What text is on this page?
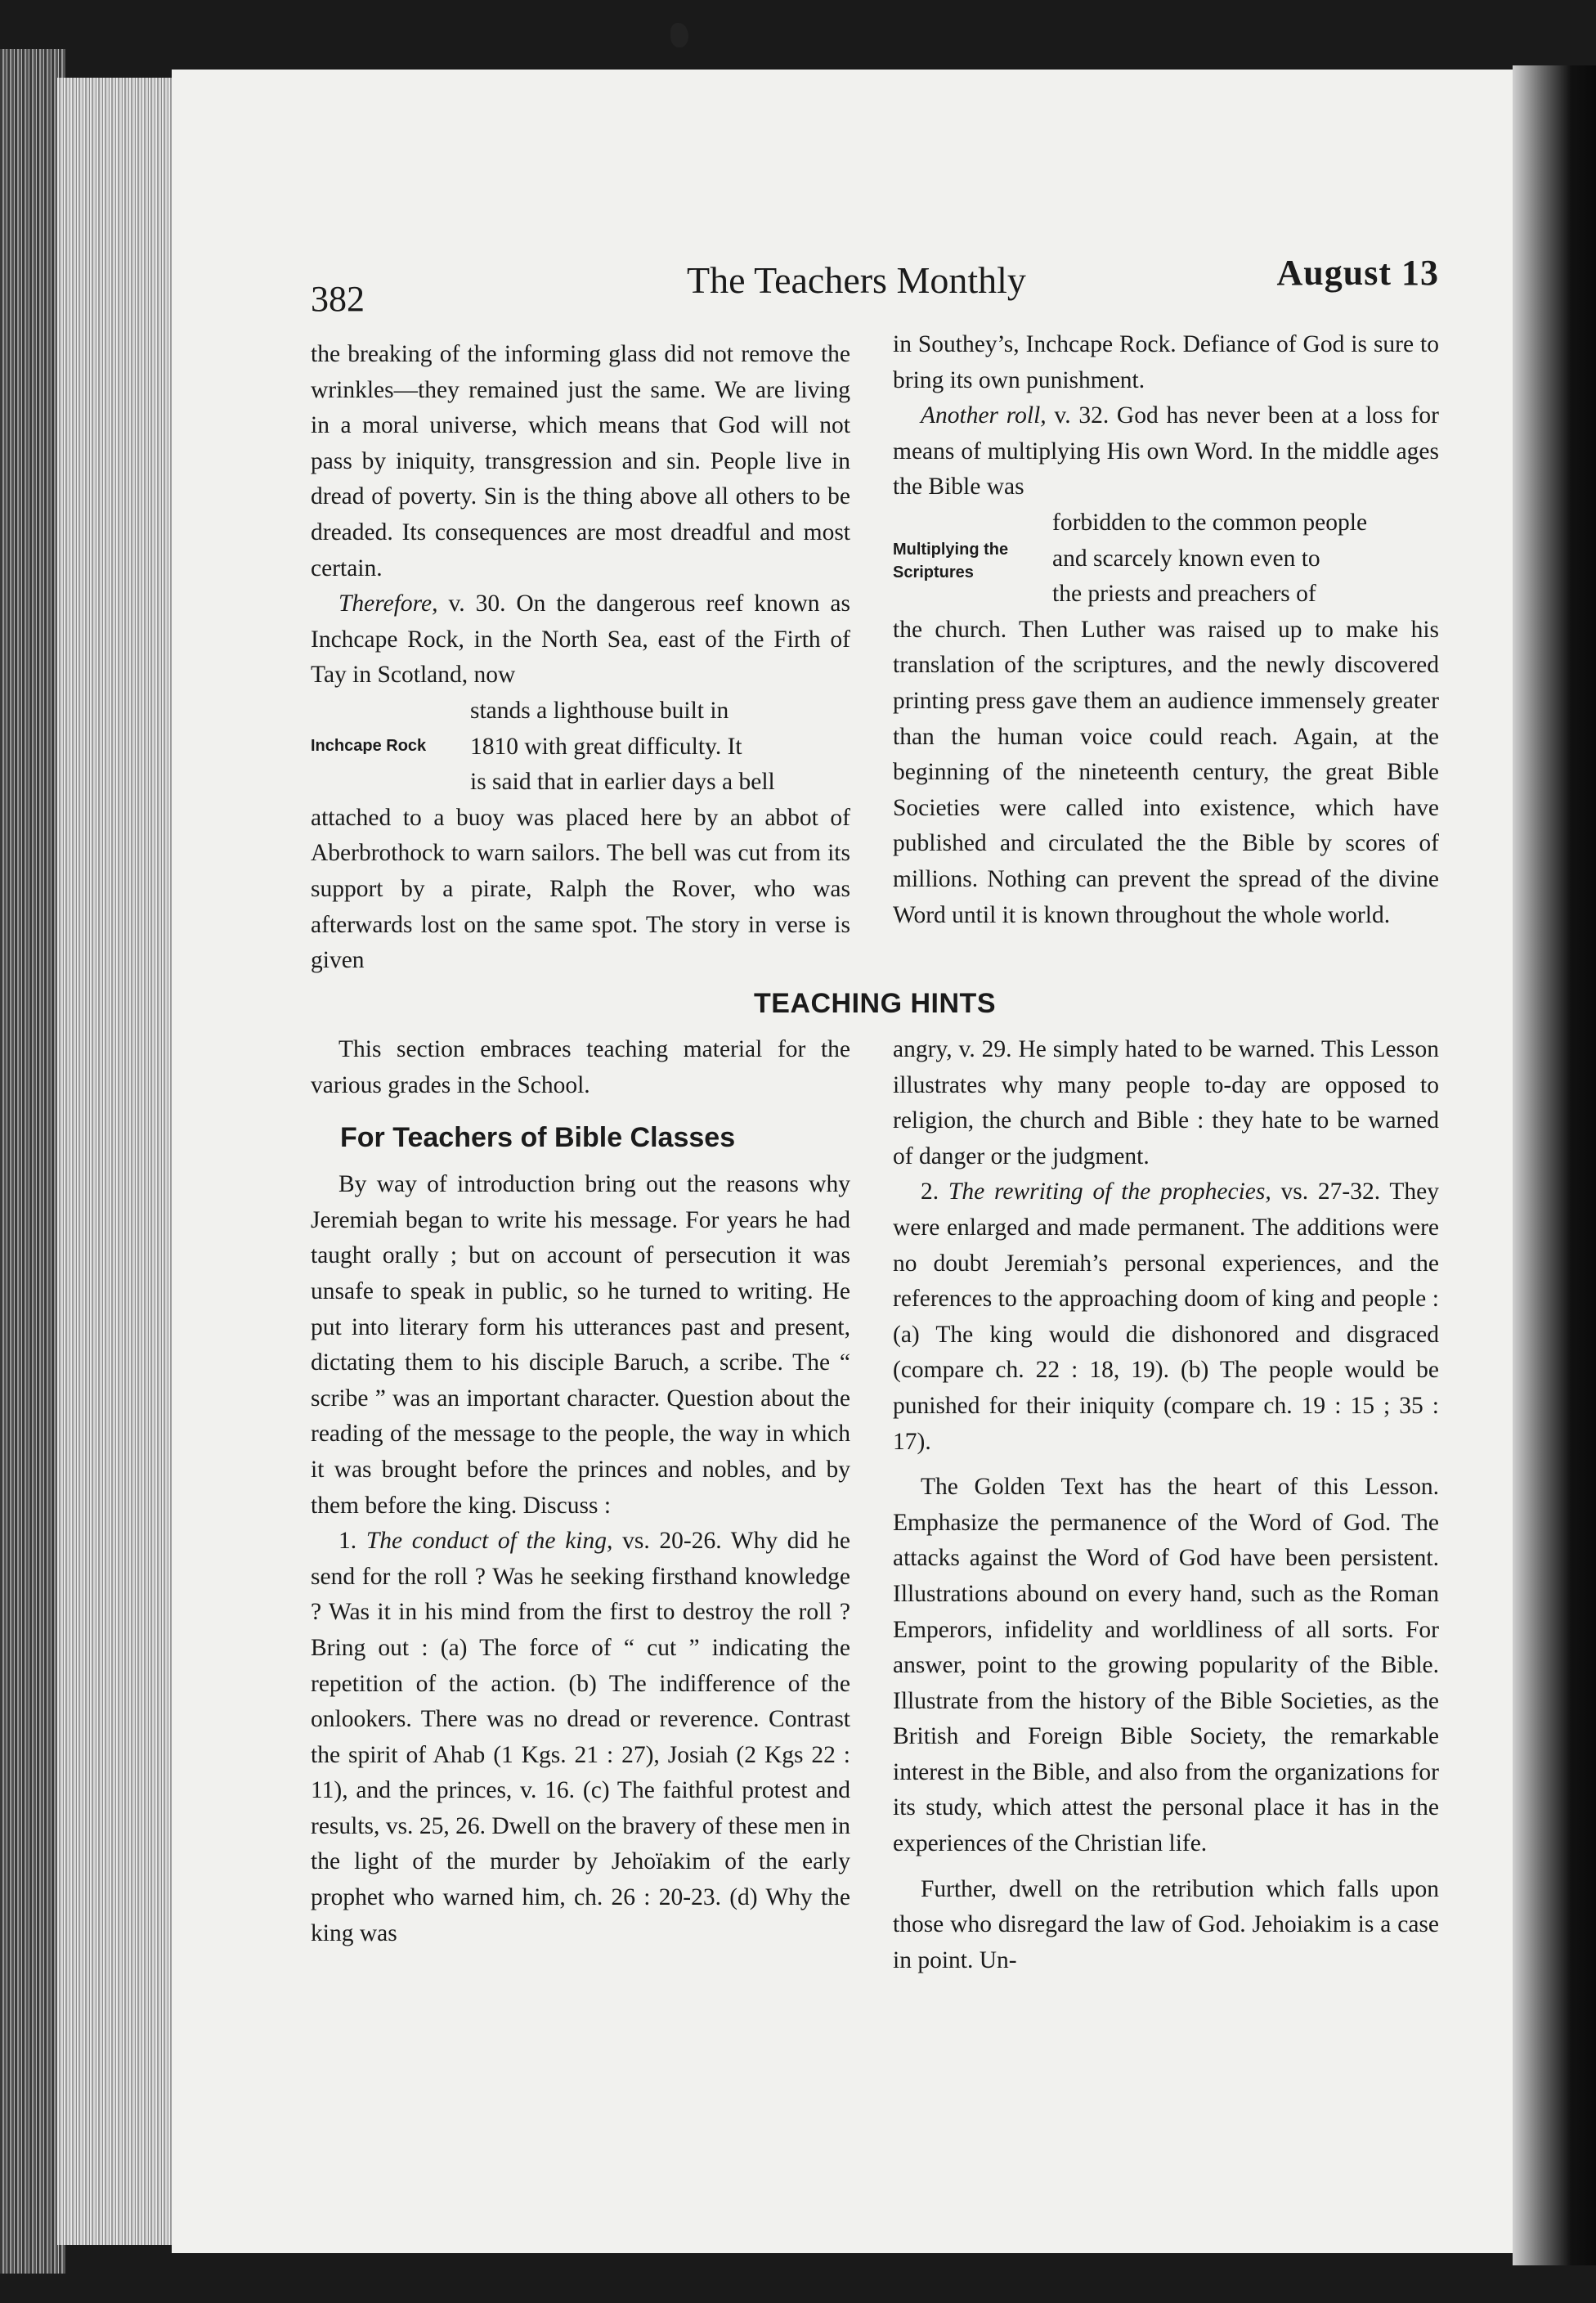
382	The Teachers Monthly	August 13

the breaking of the informing glass did not remove the wrinkles—they remained just the same. We are living in a moral universe, which means that God will not pass by iniquity, transgression and sin. People live in dread of poverty. Sin is the thing above all others to be dreaded. Its consequences are most dreadful and most certain.

Therefore, v. 30. On the dangerous reef known as Inchcape Rock, in the North Sea, east of the Firth of Tay in Scotland, now

stands a lighthouse built in

1810 with great difficulty. It

is said that in earlier days a bell

Inchcape Rock

attached to a buoy was placed here by an abbot of Aberbrothock to warn sailors. The bell was cut from its support by a pirate, Ralph the Rover, who was afterwards lost on the same spot. The story in verse is given

in Southey’s, Inchcape Rock. Defiance of God is sure to bring its own punishment.

Another roll, v. 32. God has never been at a loss for means of multiplying His own Word. In the middle ages the Bible was

forbidden to the common people

and scarcely known even to

the priests and preachers of

Multiplying the
Scriptures

the church. Then Luther was raised up to make his translation of the scriptures, and the newly discovered printing press gave them an audience immensely greater than the human voice could reach. Again, at the beginning of the nineteenth century, the great Bible Societies were called into existence, which have published and circulated the the Bible by scores of millions. Nothing can prevent the spread of the divine Word until it is known throughout the whole world.

TEACHING HINTS

This section embraces teaching material for the various grades in the School.

For Teachers of Bible Classes

By way of introduction bring out the reasons why Jeremiah began to write his message. For years he had taught orally ; but on account of persecution it was unsafe to speak in public, so he turned to writing. He put into literary form his utterances past and present, dictating them to his disciple Baruch, a scribe. The “ scribe ” was an important character. Question about the reading of the message to the people, the way in which it was brought before the princes and nobles, and by them before the king. Discuss :

1. The conduct of the king, vs. 20-26. Why did he send for the roll ? Was he seeking firsthand knowledge ? Was it in his mind from the first to destroy the roll ? Bring out : (a) The force of “ cut ” indicating the repetition of the action. (b) The indifference of the onlookers. There was no dread or reverence. Contrast the spirit of Ahab (1 Kgs. 21 : 27), Josiah (2 Kgs 22 : 11), and the princes, v. 16. (c) The faithful protest and results, vs. 25, 26. Dwell on the bravery of these men in the light of the murder by Jehoïakim of the early prophet who warned him, ch. 26 : 20-23. (d) Why the king was

angry, v. 29. He simply hated to be warned. This Lesson illustrates why many people to-day are opposed to religion, the church and Bible : they hate to be warned of danger or the judgment.

2. The rewriting of the prophecies, vs. 27-32. They were enlarged and made permanent. The additions were no doubt Jeremiah’s personal experiences, and the references to the approaching doom of king and people : (a) The king would die dishonored and disgraced (compare ch. 22 : 18, 19). (b) The people would be punished for their iniquity (compare ch. 19 : 15 ; 35 : 17).

The Golden Text has the heart of this Lesson. Emphasize the permanence of the Word of God. The attacks against the Word of God have been persistent. Illustrations abound on every hand, such as the Roman Emperors, infidelity and worldliness of all sorts. For answer, point to the growing popularity of the Bible. Illustrate from the history of the Bible Societies, as the British and Foreign Bible Society, the remarkable interest in the Bible, and also from the organizations for its study, which attest the personal place it has in the experiences of the Christian life.

Further, dwell on the retribution which falls upon those who disregard the law of God. Jehoiakim is a case in point. Un-
